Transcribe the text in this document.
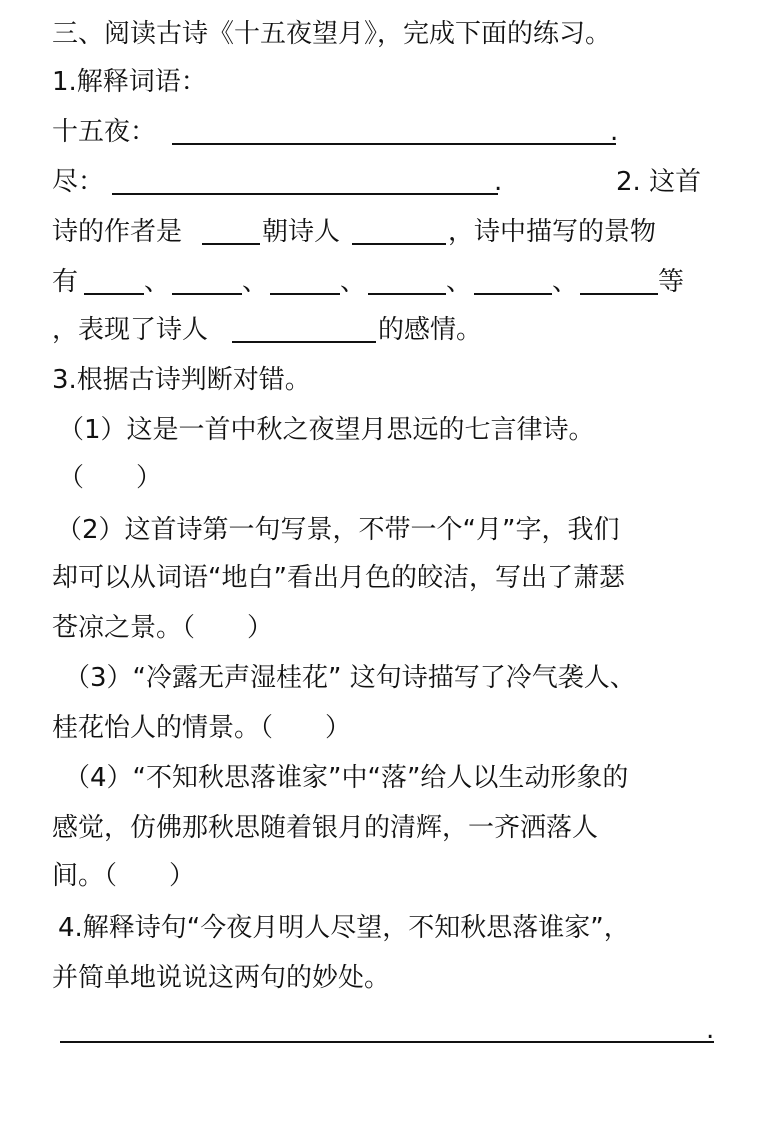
三、阅读古诗《十五夜望月》，完成下面的练习。
1.解释词语：
十五夜：	.
尽：	.	2. 这首
诗的作者是	朝诗人	，诗中描写的景物
有	、	、	、	、	、	等
，表现了诗人	的感情。
3.根据古诗判断对错。
（1）这是一首中秋之夜望月思远的七言律诗。
（　　）
（2）这首诗第一句写景，不带一个“月”字，我们
却可以从词语“地白”看出月色的皎洁，写出了萧瑟
苍凉之景。（　　）
（3）“冷露无声湿桂花” 这句诗描写了冷气袭人、
桂花怡人的情景。（　　）
（4）“不知秋思落谁家”中“落”给人以生动形象的
感觉，仿佛那秋思随着银月的清辉，一齐洒落人
间。（　　）
4.解释诗句“今夜月明人尽望，不知秋思落谁家”，
并简单地说说这两句的妙处。
.
